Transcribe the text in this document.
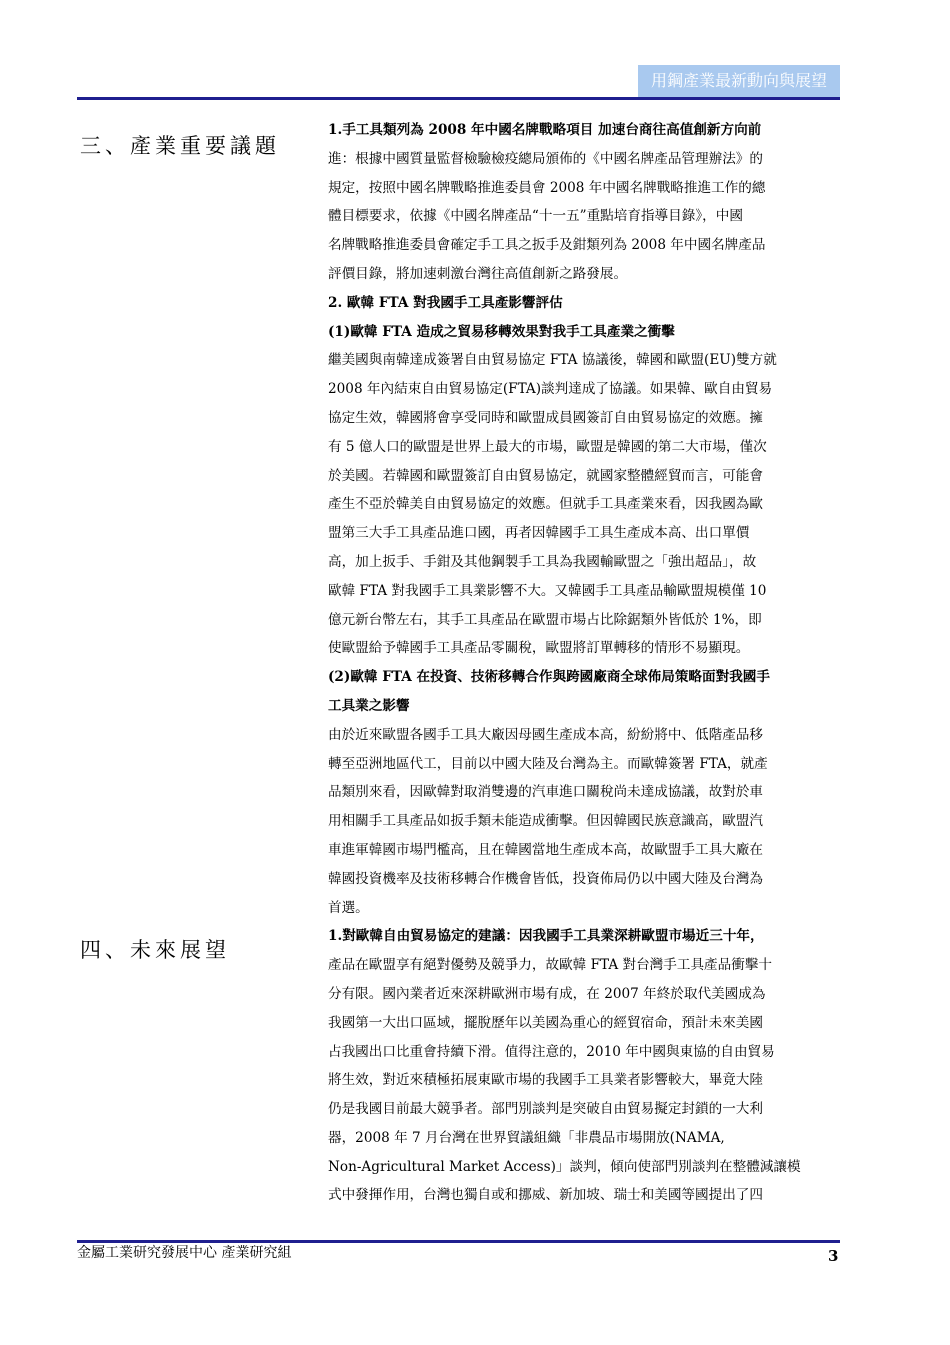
用鋼產業最新動向與展望
三、產業重要議題
四、未來展望
1.手工具類列為 2008 年中國名牌戰略項目 加速台商往高值創新方向前
進：根據中國質量監督檢驗檢疫總局頒佈的《中國名牌產品管理辦法》的
規定，按照中國名牌戰略推進委員會 2008 年中國名牌戰略推進工作的總
體目標要求，依據《中國名牌產品“十一五”重點培育指導目錄》，中國
名牌戰略推進委員會確定手工具之扳手及鉗類列為 2008 年中國名牌產品
評價目錄，將加速刺激台灣往高值創新之路發展。
2. 歐韓 FTA 對我國手工具產影響評估
(1)歐韓 FTA 造成之貿易移轉效果對我手工具產業之衝擊
繼美國與南韓達成簽署自由貿易協定 FTA 協議後，韓國和歐盟(EU)雙方就
2008 年內結束自由貿易協定(FTA)談判達成了協議。如果韓、歐自由貿易
協定生效，韓國將會享受同時和歐盟成員國簽訂自由貿易協定的效應。擁
有 5 億人口的歐盟是世界上最大的市場，歐盟是韓國的第二大市場，僅次
於美國。若韓國和歐盟簽訂自由貿易協定，就國家整體經貿而言，可能會
產生不亞於韓美自由貿易協定的效應。但就手工具產業來看，因我國為歐
盟第三大手工具產品進口國，再者因韓國手工具生產成本高、出口單價
高，加上扳手、手鉗及其他鋼製手工具為我國輸歐盟之「強出超品」，故
歐韓 FTA 對我國手工具業影響不大。又韓國手工具產品輸歐盟規模僅 10
億元新台幣左右，其手工具產品在歐盟市場占比除鋸類外皆低於 1%，即
使歐盟給予韓國手工具產品零關稅，歐盟將訂單轉移的情形不易顯現。
(2)歐韓 FTA 在投資、技術移轉合作與跨國廠商全球佈局策略面對我國手
工具業之影響
由於近來歐盟各國手工具大廠因母國生產成本高，紛紛將中、低階產品移
轉至亞洲地區代工，目前以中國大陸及台灣為主。而歐韓簽署 FTA，就產
品類別來看，因歐韓對取消雙邊的汽車進口關稅尚未達成協議，故對於車
用相關手工具產品如扳手類未能造成衝擊。但因韓國民族意識高，歐盟汽
車進軍韓國市場門檻高，且在韓國當地生產成本高，故歐盟手工具大廠在
韓國投資機率及技術移轉合作機會皆低，投資佈局仍以中國大陸及台灣為
首選。
1.對歐韓自由貿易協定的建議：因我國手工具業深耕歐盟市場近三十年，
產品在歐盟享有絕對優勢及競爭力，故歐韓 FTA 對台灣手工具產品衝擊十
分有限。國內業者近來深耕歐洲市場有成，在 2007 年終於取代美國成為
我國第一大出口區域，擺脫歷年以美國為重心的經貿宿命，預計未來美國
占我國出口比重會持續下滑。值得注意的，2010 年中國與東協的自由貿易
將生效，對近來積極拓展東歐市場的我國手工具業者影響較大，畢竟大陸
仍是我國目前最大競爭者。部門別談判是突破自由貿易擬定封鎖的一大利
器，2008 年 7 月台灣在世界貿議組織「非農品市場開放(NAMA,
Non-Agricultural Market Access)」談判，傾向使部門別談判在整體減讓模
式中發揮作用，台灣也獨自或和挪威、新加坡、瑞士和美國等國提出了四
金屬工業研究發展中心 產業研究組	3
